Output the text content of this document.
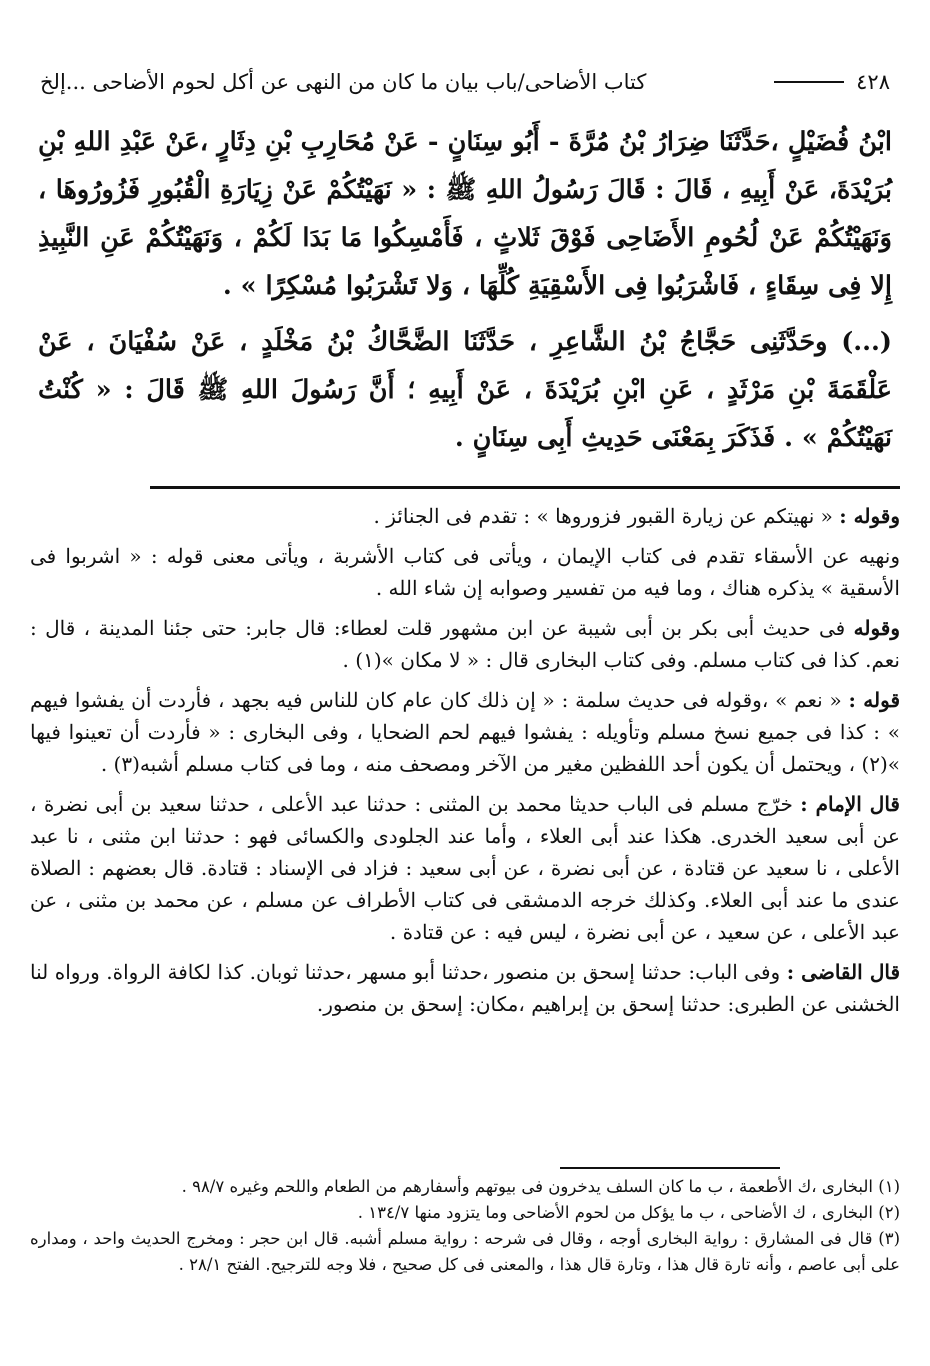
٤٢٨
كتاب الأضاحى/باب بيان ما كان من النهى عن أكل لحوم الأضاحى ...إلخ

ابْنُ فُضَيْلٍ ،حَدَّثَنَا ضِرَارُ بْنُ مُرَّةَ - أَبُو سِنَانٍ - عَنْ مُحَارِبِ بْنِ دِثَارٍ ،عَنْ عَبْدِ اللهِ بْنِ بُرَيْدَةَ، عَنْ أَبِيهِ ، قَالَ : قَالَ رَسُولُ اللهِ ﷺ : « نَهَيْتُكُمْ عَنْ زِيَارَةِ الْقُبُورِ فَزُورُوهَا ، وَنَهَيْتُكُمْ عَنْ لُحُومِ الأَضَاحِى فَوْقَ ثَلاثٍ ، فَأَمْسِكُوا مَا بَدَا لَكُمْ ، وَنَهَيْتُكُمْ عَنِ النَّبِيذِ إِلا فِى سِقَاءٍ ، فَاشْرَبُوا فِى الأَسْقِيَةِ كُلِّهَا ، وَلا تَشْرَبُوا مُسْكِرًا » .

(...) وحَدَّثَنِى حَجَّاجُ بْنُ الشَّاعِرِ ، حَدَّثَنَا الضَّحَّاكُ بْنُ مَخْلَدٍ ، عَنْ سُفْيَانَ ، عَنْ عَلْقَمَةَ بْنِ مَرْثَدٍ ، عَنِ ابْنِ بُرَيْدَةَ ، عَنْ أَبِيهِ ؛ أَنَّ رَسُولَ اللهِ ﷺ قَالَ : « كُنْتُ نَهَيْتُكُمْ » . فَذَكَرَ بِمَعْنَى حَدِيثِ أَبِى سِنَانٍ .

وقوله : « نهيتكم عن زيارة القبور فزوروها » : تقدم فى الجنائز .

ونهيه عن الأسقاء تقدم فى كتاب الإيمان ، ويأتى فى كتاب الأشربة ، ويأتى معنى قوله : « اشربوا فى الأسقية » يذكره هناك ، وما فيه من تفسير وصوابه إن شاء الله .

وقوله فى حديث أبى بكر بن أبى شيبة عن ابن مشهور قلت لعطاء: قال جابر: حتى جئنا المدينة ، قال : نعم. كذا فى كتاب مسلم. وفى كتاب البخارى قال : « لا مكان »(١) .

قوله : « نعم » ،وقوله فى حديث سلمة : « إن ذلك كان عام كان للناس فيه بجهد ، فأردت أن يفشوا فيهم » : كذا فى جميع نسخ مسلم وتأويله : يفشوا فيهم لحم الضحايا ، وفى البخارى : « فأردت أن تعينوا فيها »(٢) ، ويحتمل أن يكون أحد اللفظين مغير من الآخر ومصحف منه ، وما فى كتاب مسلم أشبه(٣) .

قال الإمام : خرّج مسلم فى الباب حديثا محمد بن المثنى : حدثنا عبد الأعلى ، حدثنا سعيد بن أبى نضرة ، عن أبى سعيد الخدرى. هكذا عند أبى العلاء ، وأما عند الجلودى والكسائى فهو : حدثنا ابن مثنى ، نا عبد الأعلى ، نا سعيد عن قتادة ، عن أبى نضرة ، عن أبى سعيد : فزاد فى الإسناد : قتادة. قال بعضهم : الصلاة عندى ما عند أبى العلاء. وكذلك خرجه الدمشقى فى كتاب الأطراف عن مسلم ، عن محمد بن مثنى ، عن عبد الأعلى ، عن سعيد ، عن أبى نضرة ، ليس فيه : عن قتادة .

قال القاضى : وفى الباب: حدثنا إسحق بن منصور ،حدثنا أبو مسهر ،حدثنا ثوبان. كذا لكافة الرواة. ورواه لنا الخشنى عن الطبرى: حدثنا إسحق بن إبراهيم ،مكان: إسحق بن منصور.

(١) البخارى ،ك الأطعمة ، ب ما كان السلف يدخرون فى بيوتهم وأسفارهم من الطعام واللحم وغيره ٩٨/٧ .

(٢) البخارى ، ك الأضاحى ، ب ما يؤكل من لحوم الأضاحى وما يتزود منها ١٣٤/٧ .

(٣) قال فى المشارق : رواية البخارى أوجه ، وقال فى شرحه : رواية مسلم أشبه. قال ابن حجر : ومخرج الحديث واحد ، ومداره على أبى عاصم ، وأنه تارة قال هذا ، وتارة قال هذا ، والمعنى فى كل صحيح ، فلا وجه للترجيح. الفتح ٢٨/١ .
